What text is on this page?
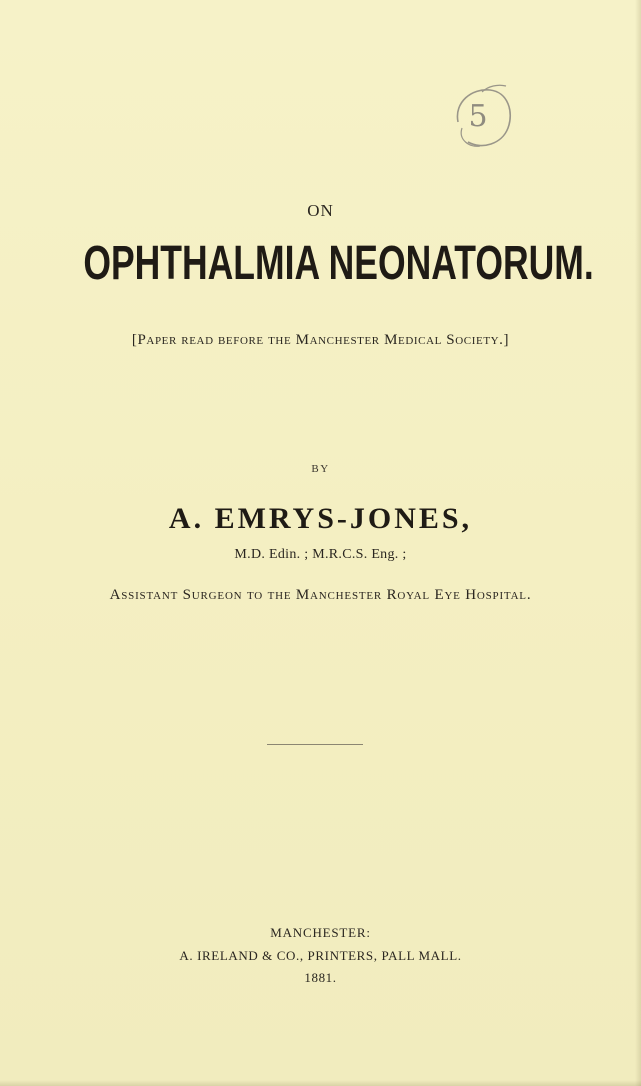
5
ON
OPHTHALMIA NEONATORUM.
[Paper read before the Manchester Medical Society.]
BY
A. EMRYS-JONES,
M.D. Edin. ; M.R.C.S. Eng. ;
Assistant Surgeon to the Manchester Royal Eye Hospital.
MANCHESTER:
A. IRELAND & CO., PRINTERS, PALL MALL.
1881.
